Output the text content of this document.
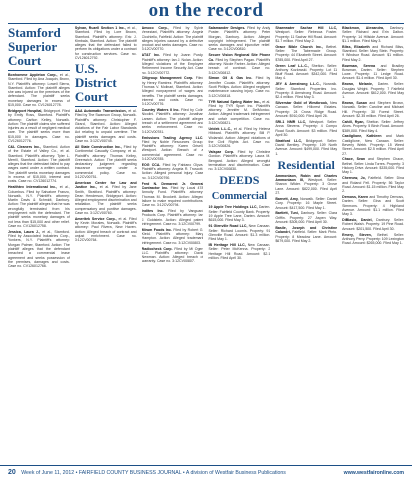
on the record
Stamford Superior Court

Bonhomme Appleton Corp., et al., Stamford. Filed by Ana Joaquin, Bronx, N.Y. Plaintiff's attorney: Lowell Sierra, Stamford. Action: The plaintiff alleges she was injured on the premises of the defendant. The plaintiff seeks monetary damages in excess of $15,000. Case no. CV126012778.

Bridgeport Hospital, Bridgeport. Filed by Emily Ross, Stamford. Plaintiff's attorney: Carlton Kelley, Norwalk. Action: The plaintiff claims she suffered injuries as a result of negligent medical care. The plaintiff seeks more than $15,000 in damages. Case no. CV126012776.

C&L Cleaners Inc., Stamford. Action of the Estate of Valley Co., et al. Stamford. Plaintiff's attorney: Tyler L. Merrill, Stamford. Action: The plaintiff alleges that the defendant failed to pay wages owed under a written contract. The plaintiff seeks monetary damages in excess of $15,000, interest and costs. Case no. CV126012774.

Healthtex International Inc., et al., Columbus. Filed by Salvatore Franzo, Norwalk, N.Y. Plaintiff's attorney: Martin Davis & Schmidt, Danbury. Action: The plaintiff alleges that he was wrongfully terminated from his employment with the defendant. The plaintiff seeks monetary damages of not less than $15,000 and other relief. Case no. CV126012758.

Jessica, Laura J., et al., Stamford. Filed by Associated Industries Corp., Yonkers, N.Y. Plaintiff's attorney: Morgan Palmer, Stamford. Action: The plaintiff alleges that the defendant breached a commercial lease agreement and seeks possession of the premises, damages and costs. Case no. CV126012766.

Sylvan, Ruzell Section 1 Inc., et al., Stamford. Filed by Lore Brown, Stamford. Plaintiff's attorney: Eric J. Kimbala, Stamford. Action: The plaintiff alleges that the defendant failed to perform its obligations under a contract for construction services. Case no. CV126012792.

U.S. District Court

AAA Automatic Transmission, et al. Filed by The Swanson Group, Norwalk. Plaintiff's attorney: Christopher F. Girard, Stamford. Action: Alleged violations of the Fair Labor Standards Act relating to unpaid overtime. The plaintiff seeks damages and costs. Case no. 3:12CV00745.

All State Construction Inc., Filed by Continental Casualty Company, et al. Plaintiff's attorney: Thomas Kelley, Greenwich. Action: The plaintiff seeks declaratory judgment regarding insurance coverage under a commercial policy. Case no. 3:12CV00751.

American Center for Law and Justice Inc., et al. Filed by Jane Smith, Stratford. Plaintiff's attorney: Dean Henderson, Bridgeport. Action: Alleged employment discrimination and retaliation. The plaintiff seeks compensatory and punitive damages. Case no. 3:12CV00760.

Ameritek Service Corp., et al. Filed by Kevin Morales, Norwalk. Plaintiff's attorney: Paul Rivera, New Haven. Action: Alleged breach of contract and unjust enrichment. Case no. 3:12CV00764.

Amoco Corp., Filed by Sylvie Veneziani, Plaintiff's attorney: Angela Cicchiello, Fairfield. Action: The plaintiff alleges injuries caused by a defective product and seeks damages. Case no. 3:12CV00770.

AT&T Inc. Filed by Joann Purdy. Plaintiff's attorney: Ian J. Nolan. Action: Alleged violations of the Employee Retirement Income Security Act. Case no. 3:12CV00772.

Citigroup Management Corp. Filed by Henry Ramirez. Plaintiff's attorney: Thomas V. Molinari, Stamford. Action: Alleged nonpayment of wages and benefits. The plaintiff seeks damages, interest and costs. Case no. 3:12CV00776.

Country Waters II Inc. Filed by Colin Nicolini. Plaintiff's attorney: Jonathan Larsen. Action: The plaintiff alleges breach of a settlement agreement and seeks enforcement. Case no. 3:12CV00781.

Emissions Trading Agency LLC. Filed by Noble Resources Group. Plaintiff's attorney: Karen Grisell, Westport. Action: Breach of a commercial agreement. Case no. 3:12CV00785.

EOG CCA. Filed by Fabiano Olyva. Plaintiff's attorney: Angela R. Truscott. Action: Alleged personal injury. Case no. 3:12CV00790.

Fred N. Demarest Jr. General Contractor Inc. Filed by Local 478 Annuity Fund. Plaintiff's attorney: Thomas M. Brockett. Action: Alleged failure to make required contributions. Case no. 3:12CV00794.

Indites Inc. Filed by Vanguard Products Corp. Plaintiff's attorney: Ian J. Goldstein. Action: Alleged patent infringement. Case no. 3:12CV00799.

Mirum Foods Inc. Filed by Robert G. Kleid. Plaintiff's attorney: Mary Hampton. Action: Alleged trademark infringement. Case no. 3:12CV00803.

Radiocheck Corp. Filed by Mi Ogen LLC. Plaintiff's attorney: David Newman. Action: Alleged breach of warranty. Case no. 3:12CV00807.

Salamander Designs. Filed by Andy Poster. Plaintiff's attorney: Peter Morgan, Danbury. Action: Alleged copyright infringement. The plaintiff seeks damages and injunctive relief. Case no. 3:12CV00810.

Secure Vision Regional Site Phone Co. Filed by Stephen Pagan. Plaintiff's attorney: Nicole Farber. Action: Alleged breach of contract. Case no. 3:12CV00812.

Simon Oil & Gas Inc. Filed by Jennifer Cousin. Plaintiff's attorney: Scott Phillips. Action: Alleged negligent maintenance causing injury. Case no. 3:12CV00818.

TYR Natural Spring Water Inc., et al. Filed by TYR Sport Inc. Plaintiff's attorney: Jennifer M. DelMonico. Action: Alleged trademark infringement and unfair competition. Case no. 3:12CV00821.

Uridek L.L.C., et al. Filed by Helena Hibbard. Plaintiff's attorney: Bill P. Wolanski. Action: Alleged violations of the Civil Rights Act. Case no. 3:12CV00826.

Valspar Corp. Filed by Christine Gordon. Plaintiff's attorney: Laura M. Bengard. Action: Alleged wrongful termination and discrimination. Case no. 3:12CV00830.

DEEDS
Commercial

19 Apple Tree Holdings LLC, Darien. Seller: Fairfield County Bank. Property: 19 Apple Tree Lane, Darien. Amount: $615,000. Filed May 3.

91 Glenville Road LLC, New Canaan. Seller: Richard Loomis. Property: 91 Glenville Road. Amount: $1.3 million. Filed May 1.

IB Heritage Hill LLC, New Canaan. Seller: Peter McKenna. Property: 2 Heritage Hill Road. Amount: $2.1 million. Filed April 30.

Sharewater Sachar Hill LLC, Westport. Seller: Rebecca Foster. Property: 11 Sachar Hill Road. Amount: $1.7 million. Filed May 2.

Grace Bible Church Inc., Bethel. Seller: The Tabernacle Group. Property: 44 Elizabeth Street. Amount: $785,000. Filed April 27.

Green Leaf L.L.C., Shelton. Seller: Anthony Kozlowski. Property: Lot 11 Bluff Road. Amount: $342,000. Filed May 4.

JEY & Armstrong L.L.C., Norwalk. Seller: Stamford Properties Inc. Property: 8 Armstrong Road. Amount: $2.4 million. Filed May 3.

Silverstar Gold of Westbrook, New Canaan. Seller: Hillcrest Estates. Property: 24 Cross Ridge Road. Amount: $910,000. Filed April 26.

SRI-1 NMR LLC, Westport. Seller: Anna Stevens. Property: 4 Compo Road South. Amount: $3 million. Filed April 30.

Stratford LLC, Bridgeport. Seller: David Bentley. Property: 109 North Avenue. Amount: $499,000. Filed May 1.

Residential

Ammoniaon, Robin and Charles Ammoniaon III, Westport. Seller: Sharon Wilder. Property: 3 Grove Lane. Amount: $822,000. Filed April 27.

Barnett, Amy, Norwalk. Seller: Daniel Cory. Property: 16 Maple Street. Amount: $417,500. Filed May 1.

Bartlett, Tuni, Danbury. Seller: Clara Griffin. Property: 27 Aspen Way. Amount: $305,000. Filed April 30.

Basile, Joseph and Christine Colandri, Fairfield. Seller: Mark Pinto. Property: 8 Meadow Lane. Amount: $679,000. Filed May 2.

Blackmon, Alexandra, Danbury. Seller: Richard and Erin Dalton. Property: 14 Hillside Avenue. Amount: $1.1 million. Filed May 3.

Bliss, Elizabeth and Richard Bliss, Stamford. Seller: Mary Stein. Property: 9 Windsor Road. Amount: $1 million. Filed May 2.

Bowman, Serena and Bradley Bowman, Darien. Seller: Stephen Lowe. Property: 11 Ledge Road. Amount: $1.4 million. Filed April 30.

Brown, Melanie, Darien. Seller: Douglas Wright. Property: 7 Fairfield Avenue. Amount: $612,000. Filed May 1.

Brown, Susan and Stephen Brown, Norwalk. Seller: Caroline and Michael Hill. Property: 30 Forest Street. Amount: $2.35 million. Filed April 26.

Cahill, Ryan, Shelton. Seller: Jeffrey Alves. Property: 5 Birch Road. Amount: $389,000. Filed May 4.

Castiglione, Kathleen and Mark Castiglione, New Canaan. Seller: Beverly Webb. Property: 15 Weed Street. Amount: $2.5 million. Filed April 27.

Chace, Sean and Stephen Chace, Bethel. Seller: Linda Torres. Property: 3 Hickory Drive. Amount: $335,000. Filed May 1.

Chernow, Jo, Fairfield. Seller: Dina and Roland Fell. Property: 56 Taylor Road. Amount: $1.15 million. Filed May 2.

Demoss, Karen and Timothy Demoss, Darien. Seller: Gina and Scott Simmons. Property: 4 Highland Avenue. Amount: $1.1 million. Filed May 3.

DiBlasio, Daniel, Danbury. Seller: Robert Walsh. Property: 19 Pine Road. Amount: $201,500. Filed April 30.

Emery, Steven, Bethel. Seller: Anthony Perry. Property: 109 Lexington Road. Amount: $265,000. Filed May 1.

20 Week of June 11, 2012 • FAIRFIELD COUNTY BUSINESS JOURNAL • A division of Westfair Business Publications	www.westfaironline.com
